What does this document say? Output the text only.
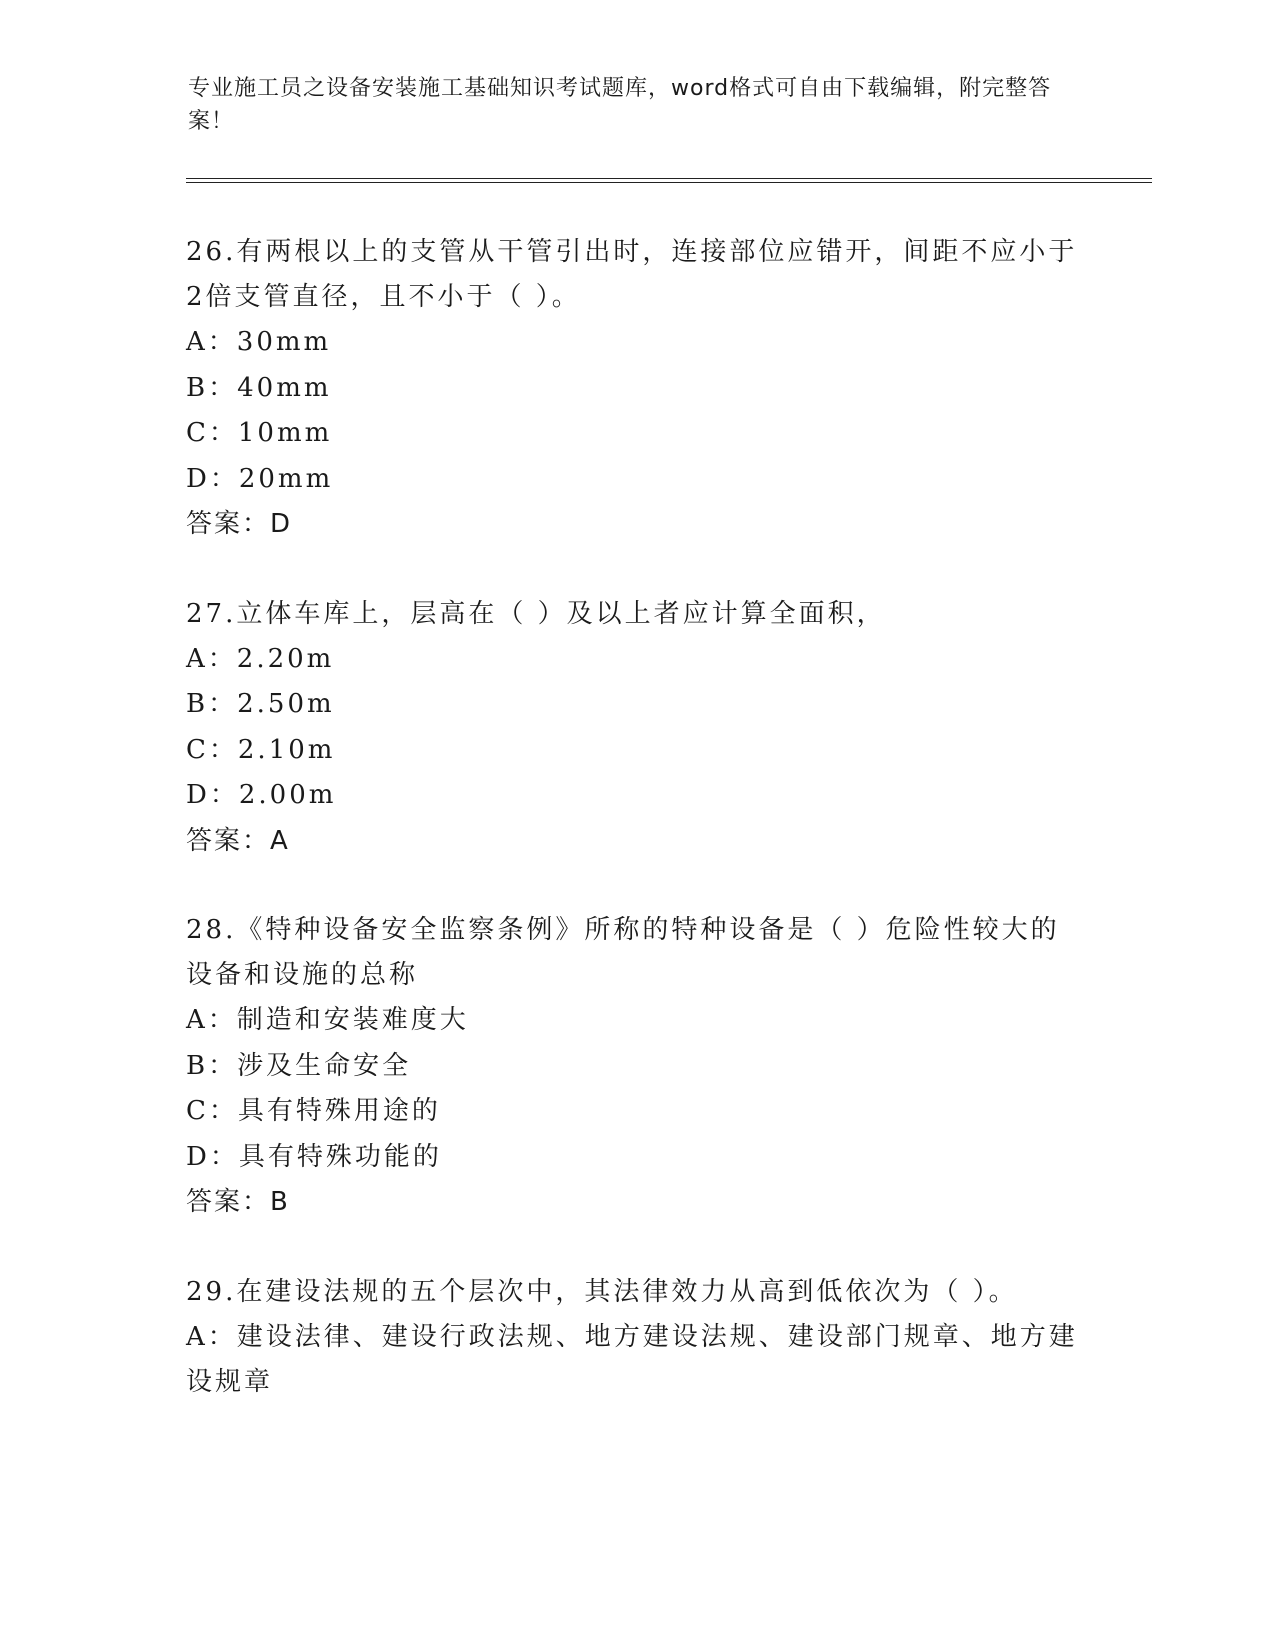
专业施工员之设备安装施工基础知识考试题库，word格式可自由下载编辑，附完整答案！

26.有两根以上的支管从干管引出时，连接部位应错开，间距不应小于2倍支管直径，且不小于（ ）。

A：30mm

B：40mm

C：10mm

D：20mm

答案：D

27.立体车库上，层高在（ ）及以上者应计算全面积，

A：2.20m

B：2.50m

C：2.10m

D：2.00m

答案：A

28.《特种设备安全监察条例》所称的特种设备是（ ）危险性较大的设备和设施的总称

A：制造和安装难度大

B：涉及生命安全

C：具有特殊用途的

D：具有特殊功能的

答案：B

29.在建设法规的五个层次中，其法律效力从高到低依次为（ ）。

A：建设法律、建设行政法规、地方建设法规、建设部门规章、地方建设规章
